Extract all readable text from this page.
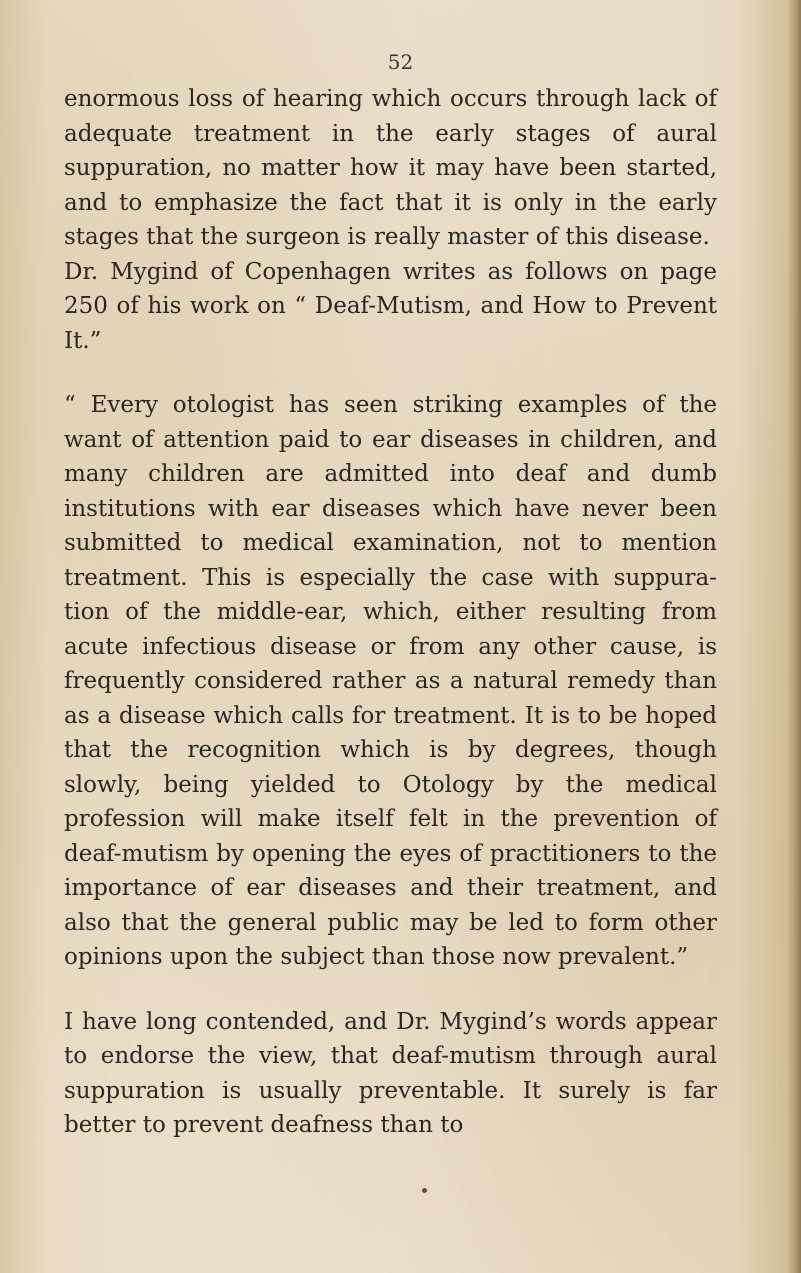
52

enormous loss of hearing which occurs through lack of adequate treatment in the early stages of aural suppuration, no matter how it may have been started, and to emphasize the fact that it is only in the early stages that the surgeon is really master of this disease.

Dr. Mygind of Copenhagen writes as follows on page 250 of his work on “ Deaf-Mutism, and How to Prevent It.”

“ Every otologist has seen striking examples of the want of attention paid to ear diseases in children, and many children are admitted into deaf and dumb institutions with ear diseases which have never been submitted to medical examination, not to mention treatment. This is especially the case with suppura- tion of the middle-ear, which, either resulting from acute infectious disease or from any other cause, is frequently considered rather as a natural remedy than as a disease which calls for treatment. It is to be hoped that the recognition which is by degrees, though slowly, being yielded to Otology by the medical profession will make itself felt in the prevention of deaf-mutism by opening the eyes of practitioners to the importance of ear diseases and their treatment, and also that the general public may be led to form other opinions upon the subject than those now prevalent.”

I have long contended, and Dr. Mygind’s words appear to endorse the view, that deaf-mutism through aural suppuration is usually preventable. It surely is far better to prevent deafness than to
